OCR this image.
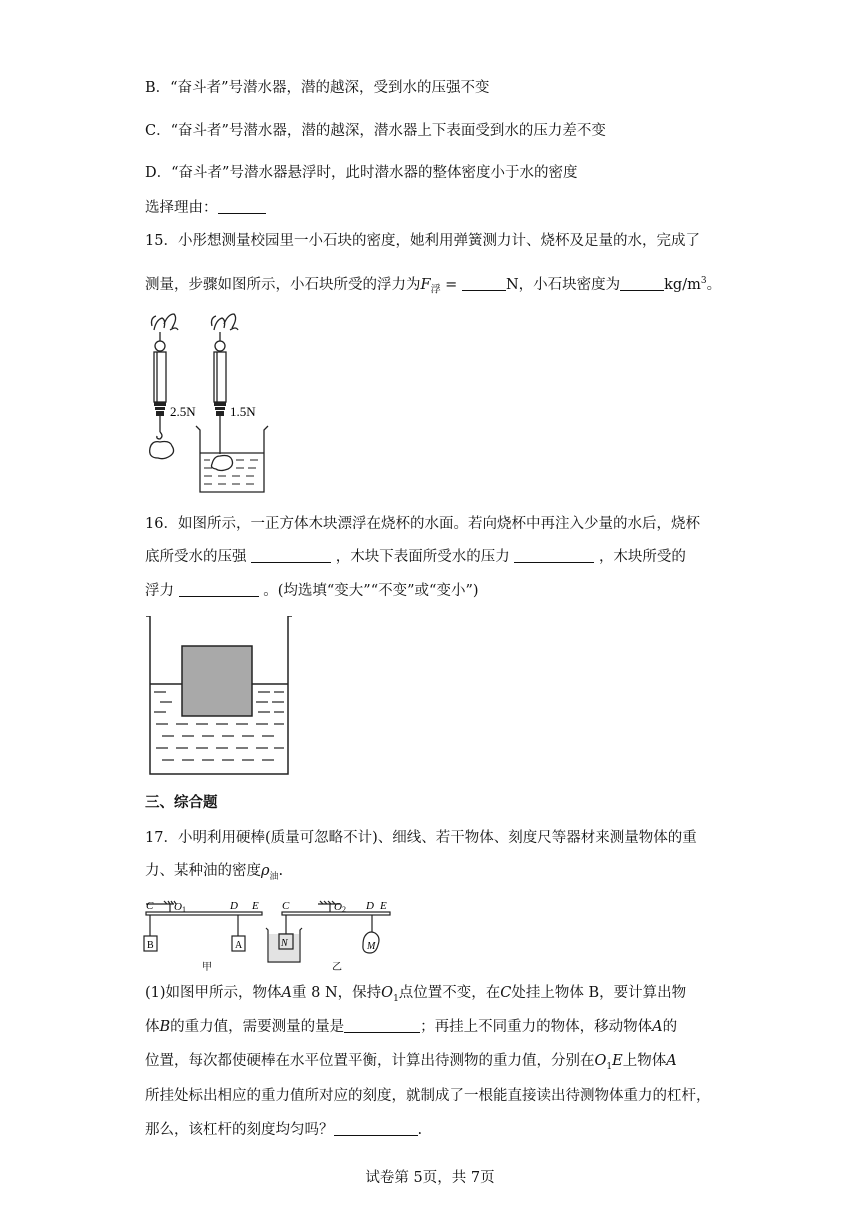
B．“奋斗者”号潜水器，潜的越深，受到水的压强不变
C．“奋斗者”号潜水器，潜的越深，潜水器上下表面受到水的压力差不变
D．“奋斗者”号潜水器悬浮时，此时潜水器的整体密度小于水的密度
选择理由：
15．小彤想测量校园里一小石块的密度，她利用弹簧测力计、烧杯及足量的水，完成了
测量，步骤如图所示，小石块所受的浮力为$F_浮$ =	N，小石块密度为	$kg/m^3$。
2.5N	1.5N
16．如图所示，一正方体木块漂浮在烧杯的水面。若向烧杯中再注入少量的水后，烧杯
底所受水的压强	，木块下表面所受水的压力	，木块所受的
浮力	。(均选填“变大”“不变”或“变小”)
三、综合题
17．小明利用硬棒(质量可忽略不计)、细线、若干物体、刻度尺等器材来测量物体的重
力、某种油的密度$\rho_油$.
C O 1	D E
B	A
甲
C	O 2 D E
N	M
乙
(1)如图甲所示，物体A重 8 N，保持$O_1$点位置不变，在C处挂上物体 B，要计算出物
体B的重力值，需要测量的量是	；再挂上不同重力的物体，移动物体A的
位置，每次都使硬棒在水平位置平衡，计算出待测物的重力值，分别在$O_1E$上物体A
所挂处标出相应的重力值所对应的刻度，就制成了一根能直接读出待测物体重力的杠杆，
那么，该杠杆的刻度均匀吗？	.
试卷第 5页，共 7页
